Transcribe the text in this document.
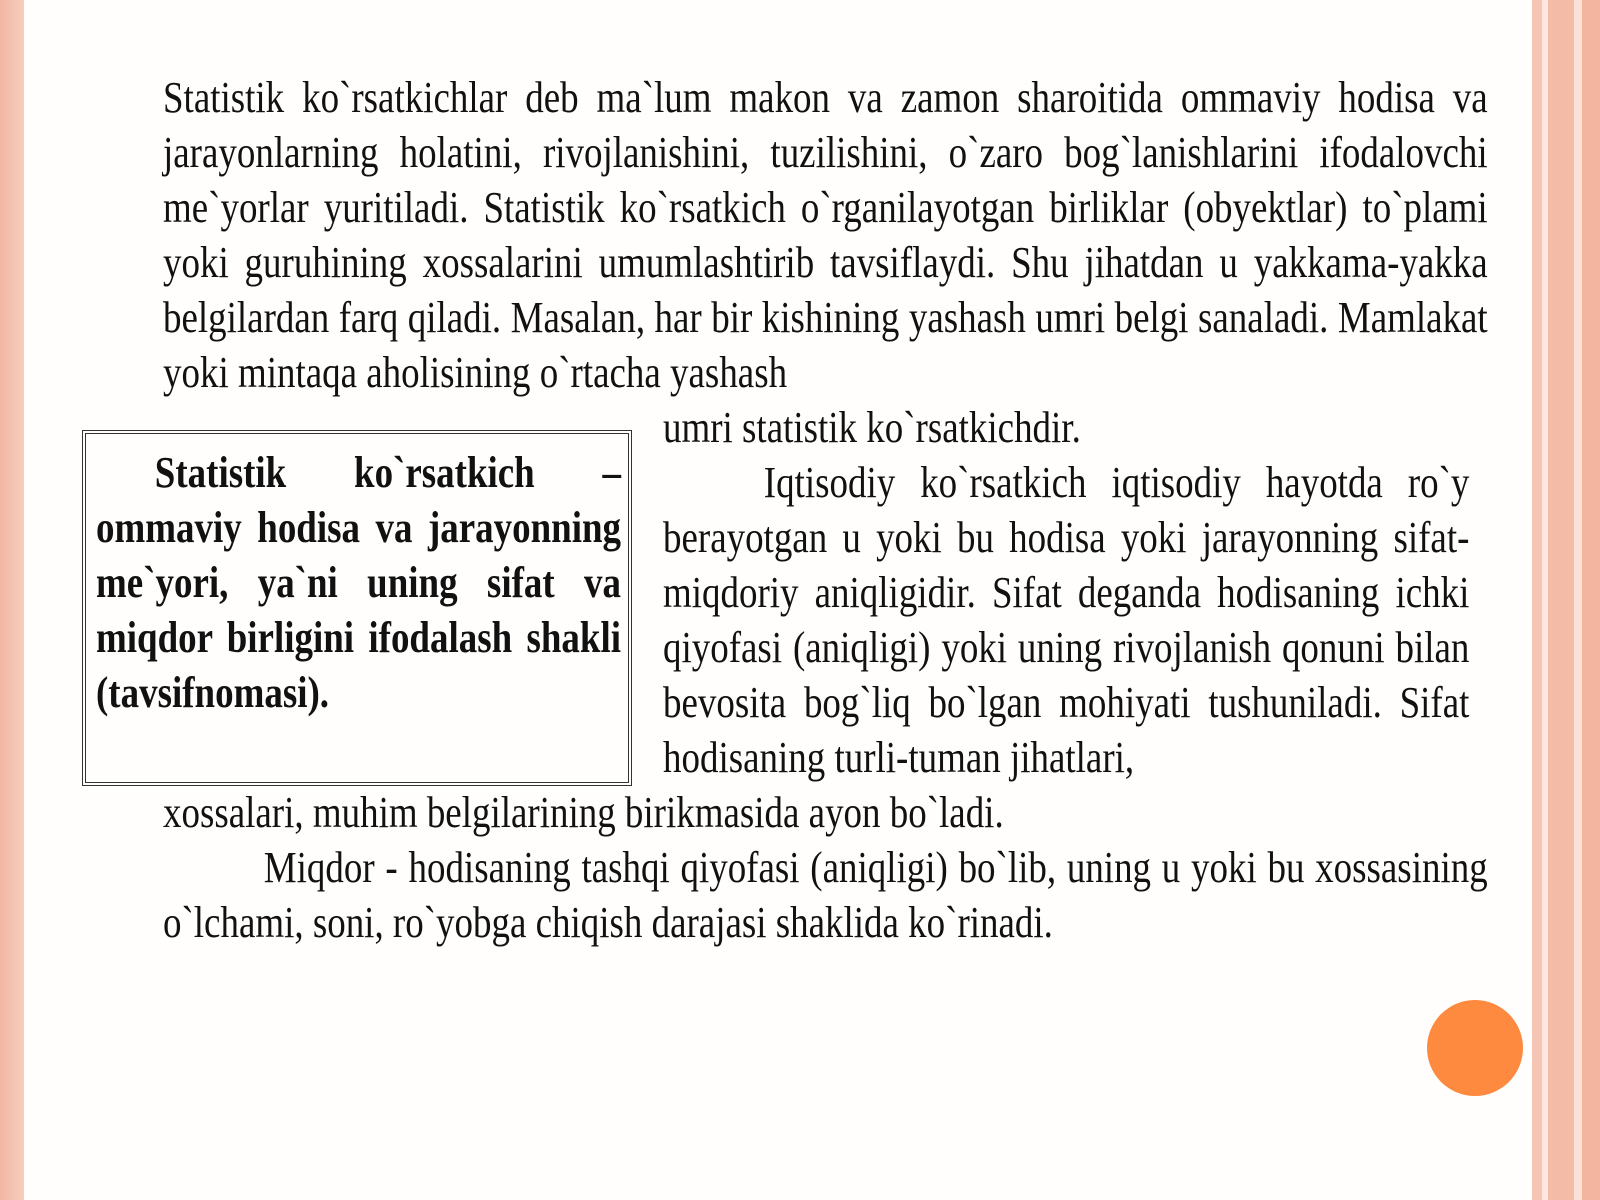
Statistik ko`rsatkichlar deb ma`lum makon va zamon sharoitida ommaviy hodisa va jarayonlarning holatini, rivojlanishini, tuzilishini, o`zaro bog`lanishlarini ifodalovchi me`yorlar yuritiladi. Statistik ko`rsatkich o`rganilayotgan birliklar (obyektlar) to`plami yoki guruhining xossalarini umumlashtirib tavsiflaydi. Shu jihatdan u yakkama-yakka belgilardan farq qiladi. Masalan, har bir kishining yashash umri belgi sanaladi. Mamlakat yoki mintaqa aholisining o`rtacha yashash
umri statistik ko`rsatkichdir.
Iqtisodiy ko`rsatkich iqtisodiy hayotda ro`y berayotgan u yoki bu hodisa yoki jarayonning sifat-miqdoriy aniqligidir. Sifat deganda hodisaning ichki qiyofasi (aniqligi) yoki uning rivojlanish qonuni bilan bevosita bog`liq bo`lgan mohiyati tushuniladi. Sifat hodisaning turli-tuman jihatlari,
xossalari, muhim belgilarining birikmasida ayon bo`ladi.
Miqdor - hodisaning tashqi qiyofasi (aniqligi) bo`lib, uning u yoki bu xossasining o`lchami, soni, ro`yobga chiqish darajasi shaklida ko`rinadi.
Statistik ko`rsatkich – ommaviy hodisa va jarayonning me`yori, ya`ni uning sifat va miqdor birligini ifodalash shakli (tavsifnomasi).
